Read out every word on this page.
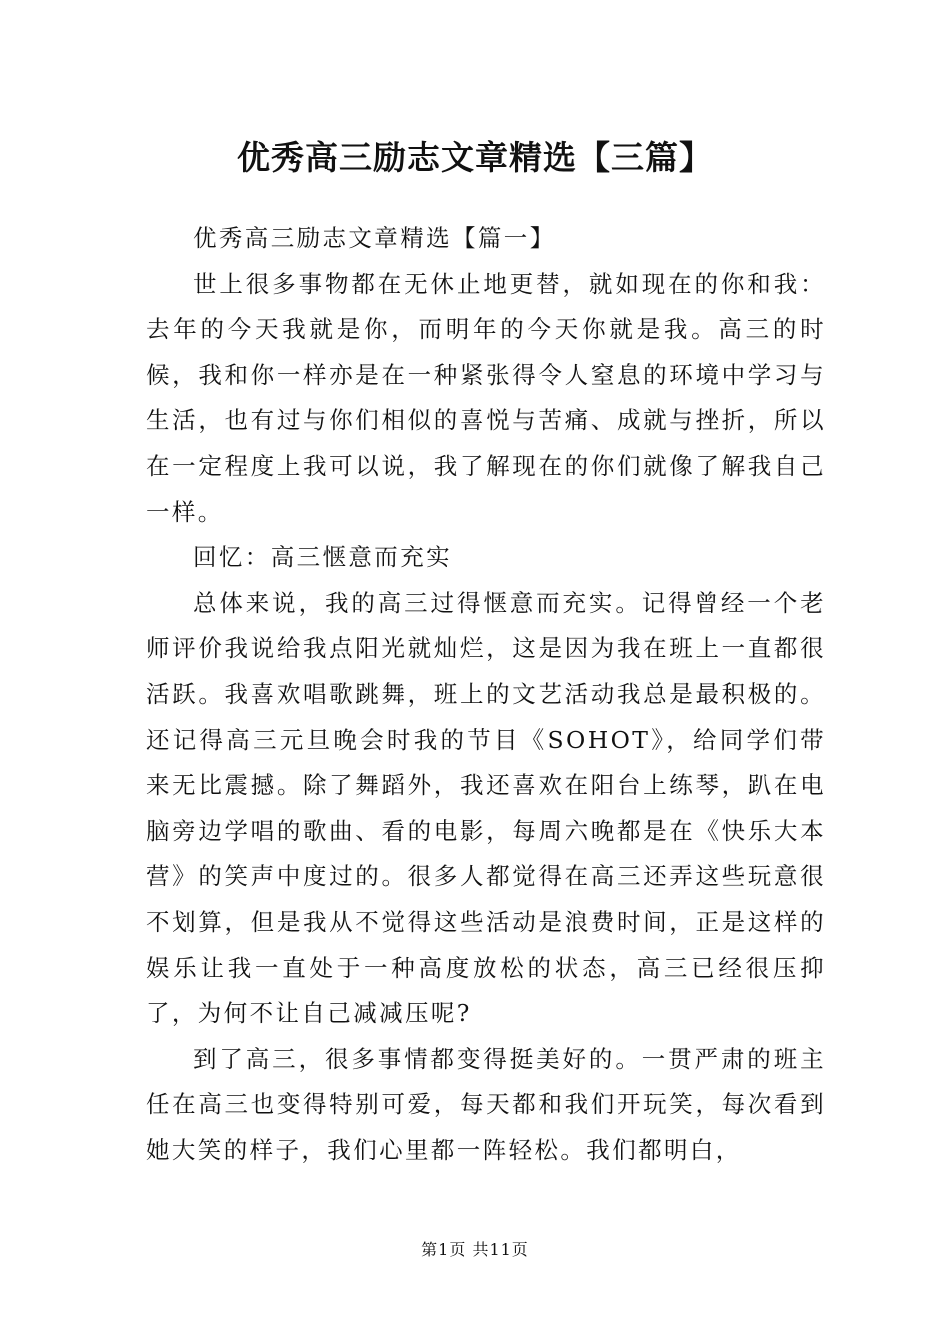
优秀高三励志文章精选【三篇】

优秀高三励志文章精选【篇一】

世上很多事物都在无休止地更替，就如现在的你和我：去年的今天我就是你，而明年的今天你就是我。高三的时候，我和你一样亦是在一种紧张得令人窒息的环境中学习与生活，也有过与你们相似的喜悦与苦痛、成就与挫折，所以在一定程度上我可以说，我了解现在的你们就像了解我自己一样。

回忆：高三惬意而充实

总体来说，我的高三过得惬意而充实。记得曾经一个老师评价我说给我点阳光就灿烂，这是因为我在班上一直都很活跃。我喜欢唱歌跳舞，班上的文艺活动我总是最积极的。还记得高三元旦晚会时我的节目《SOHOT》，给同学们带来无比震撼。除了舞蹈外，我还喜欢在阳台上练琴，趴在电脑旁边学唱的歌曲、看的电影，每周六晚都是在《快乐大本营》的笑声中度过的。很多人都觉得在高三还弄这些玩意很不划算，但是我从不觉得这些活动是浪费时间，正是这样的娱乐让我一直处于一种高度放松的状态，高三已经很压抑了，为何不让自己减减压呢?

到了高三，很多事情都变得挺美好的。一贯严肃的班主任在高三也变得特别可爱，每天都和我们开玩笑，每次看到她大笑的样子，我们心里都一阵轻松。我们都明白，

第1页 共11页
